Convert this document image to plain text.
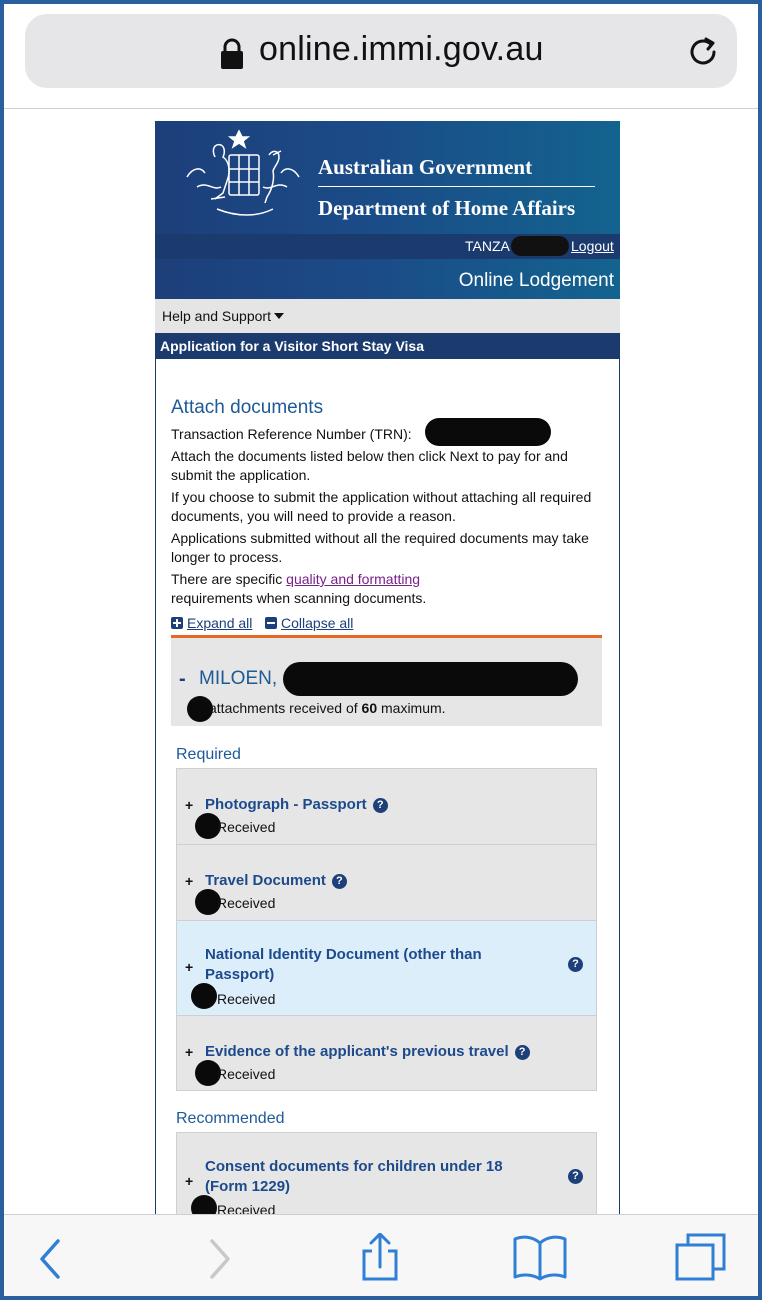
online.immi.gov.au
Australian Government
Department of Home Affairs
TANZA	Logout
Online Lodgement
Help and Support
Application for a Visitor Short Stay Visa
Attach documents
Transaction Reference Number (TRN):
Attach the documents listed below then click Next to pay for and submit the application.
If you choose to submit the application without attaching all required documents, you will need to provide a reason.
Applications submitted without all the required documents may take longer to process.
There are specific quality and formatting
requirements when scanning documents.
Expand all	Collapse all
- MILOEN,
attachments received of 60 maximum.
Required
+ Photograph - Passport ?
Received
+ Travel Document ?
Received
+
National Identity Document (other than Passport)
?
Received
+ Evidence of the applicant's previous travel ?
Received
Recommended
+
Consent documents for children under 18 (Form 1229)
?
Received
